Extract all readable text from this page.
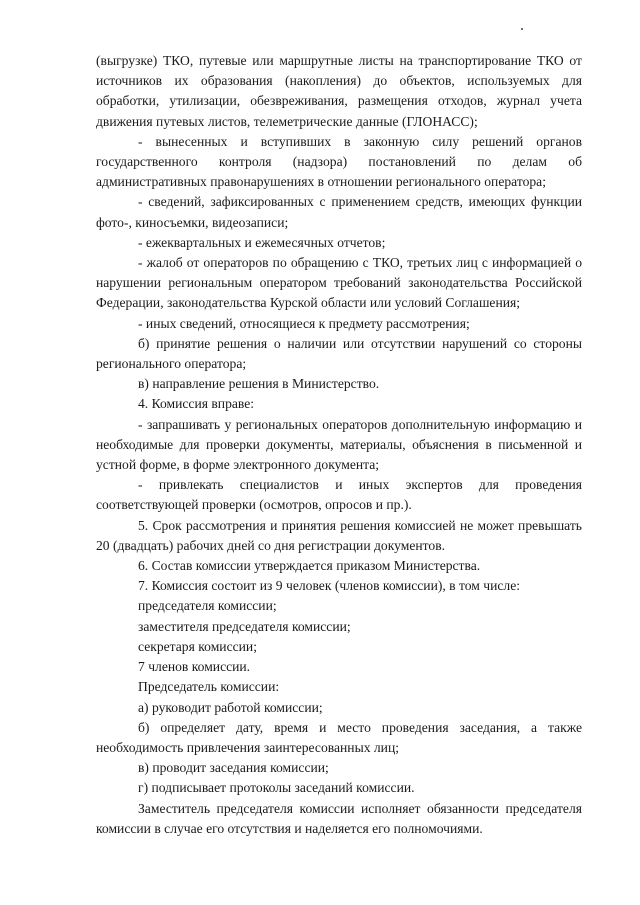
(выгрузке) ТКО, путевые или маршрутные листы на транспортирование ТКО от источников их образования (накопления) до объектов, используемых для обработки, утилизации, обезвреживания, размещения отходов, журнал учета движения путевых листов, телеметрические данные (ГЛОНАСС);

- вынесенных и вступивших в законную силу решений органов государственного контроля (надзора) постановлений по делам об административных правонарушениях в отношении регионального оператора;

- сведений, зафиксированных с применением средств, имеющих функции фото-, киносъемки, видеозаписи;

- ежеквартальных и ежемесячных отчетов;

- жалоб от операторов по обращению с ТКО, третьих лиц с информацией о нарушении региональным оператором требований законодательства Российской Федерации, законодательства Курской области или условий Соглашения;

- иных сведений, относящиеся к предмету рассмотрения;

б) принятие решения о наличии или отсутствии нарушений со стороны регионального оператора;

в) направление решения в Министерство.

4. Комиссия вправе:

- запрашивать у региональных операторов дополнительную информацию и необходимые для проверки документы, материалы, объяснения в письменной и устной форме, в форме электронного документа;

- привлекать специалистов и иных экспертов для проведения соответствующей проверки (осмотров, опросов и пр.).

5. Срок рассмотрения и принятия решения комиссией не может превышать 20 (двадцать) рабочих дней со дня регистрации документов.

6. Состав комиссии утверждается приказом Министерства.

7. Комиссия состоит из 9 человек (членов комиссии), в том числе:

председателя комиссии;

заместителя председателя комиссии;

секретаря комиссии;

7 членов комиссии.

Председатель комиссии:

а) руководит работой комиссии;

б) определяет дату, время и место проведения заседания, а также необходимость привлечения заинтересованных лиц;

в) проводит заседания комиссии;

г) подписывает протоколы заседаний комиссии.

Заместитель председателя комиссии исполняет обязанности председателя комиссии в случае его отсутствия и наделяется его полномочиями.
